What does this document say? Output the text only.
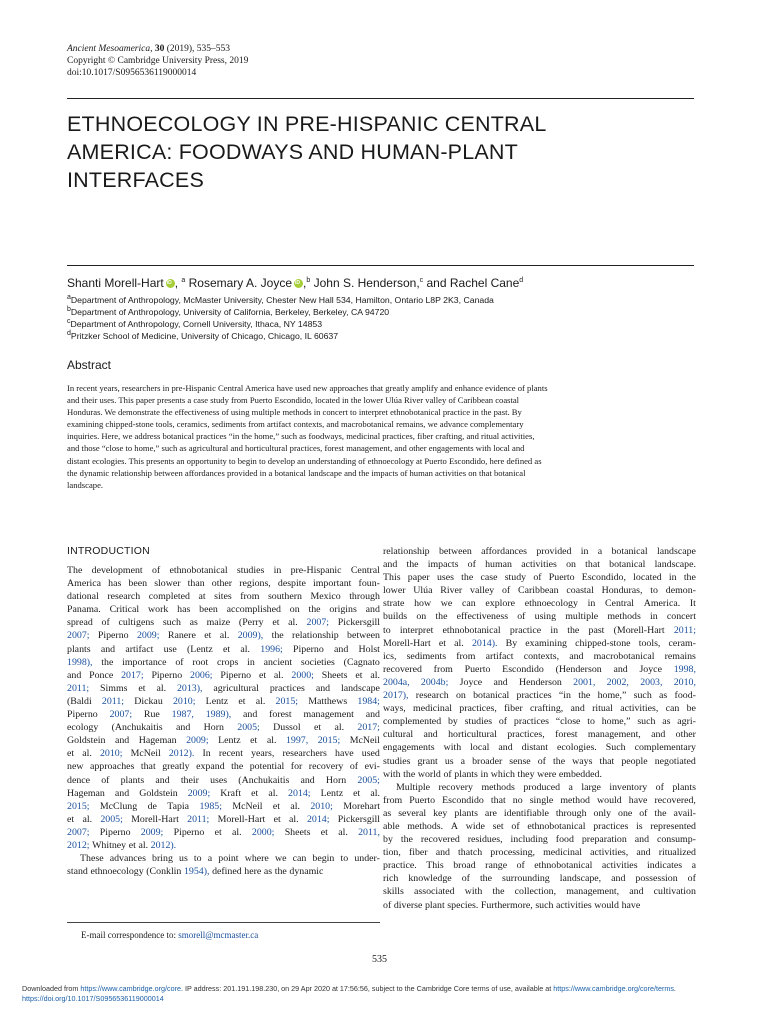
Ancient Mesoamerica, 30 (2019), 535–553
Copyright © Cambridge University Press, 2019
doi:10.1017/S0956536119000014
ETHNOECOLOGY IN PRE-HISPANIC CENTRAL
AMERICA: FOODWAYS AND HUMAN-PLANT
INTERFACES
Shanti Morell-Hart iD , $^a$ Rosemary A. Joyce iD ,$^b$ John S. Henderson,$^c$ and Rachel Cane$^d$
$^a$Department of Anthropology, McMaster University, Chester New Hall 534, Hamilton, Ontario L8P 2K3, Canada
$^b$Department of Anthropology, University of California, Berkeley, Berkeley, CA 94720
$^c$Department of Anthropology, Cornell University, Ithaca, NY 14853
$^d$Pritzker School of Medicine, University of Chicago, Chicago, IL 60637
Abstract
In recent years, researchers in pre-Hispanic Central America have used new approaches that greatly amplify and enhance evidence of plants
and their uses. This paper presents a case study from Puerto Escondido, located in the lower Ulúa River valley of Caribbean coastal
Honduras. We demonstrate the effectiveness of using multiple methods in concert to interpret ethnobotanical practice in the past. By
examining chipped-stone tools, ceramics, sediments from artifact contexts, and macrobotanical remains, we advance complementary
inquiries. Here, we address botanical practices “in the home,” such as foodways, medicinal practices, fiber crafting, and ritual activities,
and those “close to home,” such as agricultural and horticultural practices, forest management, and other engagements with local and
distant ecologies. This presents an opportunity to begin to develop an understanding of ethnoecology at Puerto Escondido, here defined as
the dynamic relationship between affordances provided in a botanical landscape and the impacts of human activities on that botanical
landscape.
INTRODUCTION
The development of ethnobotanical studies in pre-Hispanic Central
America has been slower than other regions, despite important foun-
dational research completed at sites from southern Mexico through
Panama. Critical work has been accomplished on the origins and
spread of cultigens such as maize (Perry et al. 2007; Pickersgill
2007; Piperno 2009; Ranere et al. 2009), the relationship between
plants and artifact use (Lentz et al. 1996; Piperno and Holst
1998), the importance of root crops in ancient societies (Cagnato
and Ponce 2017; Piperno 2006; Piperno et al. 2000; Sheets et al.
2011; Simms et al. 2013), agricultural practices and landscape
(Baldi 2011; Dickau 2010; Lentz et al. 2015; Matthews 1984;
Piperno 2007; Rue 1987, 1989), and forest management and
ecology (Anchukaitis and Horn 2005; Dussol et al. 2017;
Goldstein and Hageman 2009; Lentz et al. 1997, 2015; McNeil
et al. 2010; McNeil 2012). In recent years, researchers have used
new approaches that greatly expand the potential for recovery of evi-
dence of plants and their uses (Anchukaitis and Horn 2005;
Hageman and Goldstein 2009; Kraft et al. 2014; Lentz et al.
2015; McClung de Tapia 1985; McNeil et al. 2010; Morehart
et al. 2005; Morell-Hart 2011; Morell-Hart et al. 2014; Pickersgill
2007; Piperno 2009; Piperno et al. 2000; Sheets et al. 2011,
2012; Whitney et al. 2012).
These advances bring us to a point where we can begin to under-
stand ethnoecology (Conklin 1954), defined here as the dynamic
relationship between affordances provided in a botanical landscape
and the impacts of human activities on that botanical landscape.
This paper uses the case study of Puerto Escondido, located in the
lower Ulúa River valley of Caribbean coastal Honduras, to demon-
strate how we can explore ethnoecology in Central America. It
builds on the effectiveness of using multiple methods in concert
to interpret ethnobotanical practice in the past (Morell-Hart 2011;
Morell-Hart et al. 2014). By examining chipped-stone tools, ceram-
ics, sediments from artifact contexts, and macrobotanical remains
recovered from Puerto Escondido (Henderson and Joyce 1998,
2004a, 2004b; Joyce and Henderson 2001, 2002, 2003, 2010,
2017), research on botanical practices “in the home,” such as food-
ways, medicinal practices, fiber crafting, and ritual activities, can be
complemented by studies of practices “close to home,” such as agri-
cultural and horticultural practices, forest management, and other
engagements with local and distant ecologies. Such complementary
studies grant us a broader sense of the ways that people negotiated
with the world of plants in which they were embedded.
Multiple recovery methods produced a large inventory of plants
from Puerto Escondido that no single method would have recovered,
as several key plants are identifiable through only one of the avail-
able methods. A wide set of ethnobotanical practices is represented
by the recovered residues, including food preparation and consump-
tion, fiber and thatch processing, medicinal activities, and ritualized
practice. This broad range of ethnobotanical activities indicates a
rich knowledge of the surrounding landscape, and possession of
skills associated with the collection, management, and cultivation
of diverse plant species. Furthermore, such activities would have
E-mail correspondence to: smorell@mcmaster.ca
535
Downloaded from https://www.cambridge.org/core. IP address: 201.191.198.230, on 29 Apr 2020 at 17:56:56, subject to the Cambridge Core terms of use, available at https://www.cambridge.org/core/terms.
https://doi.org/10.1017/S0956536119000014
